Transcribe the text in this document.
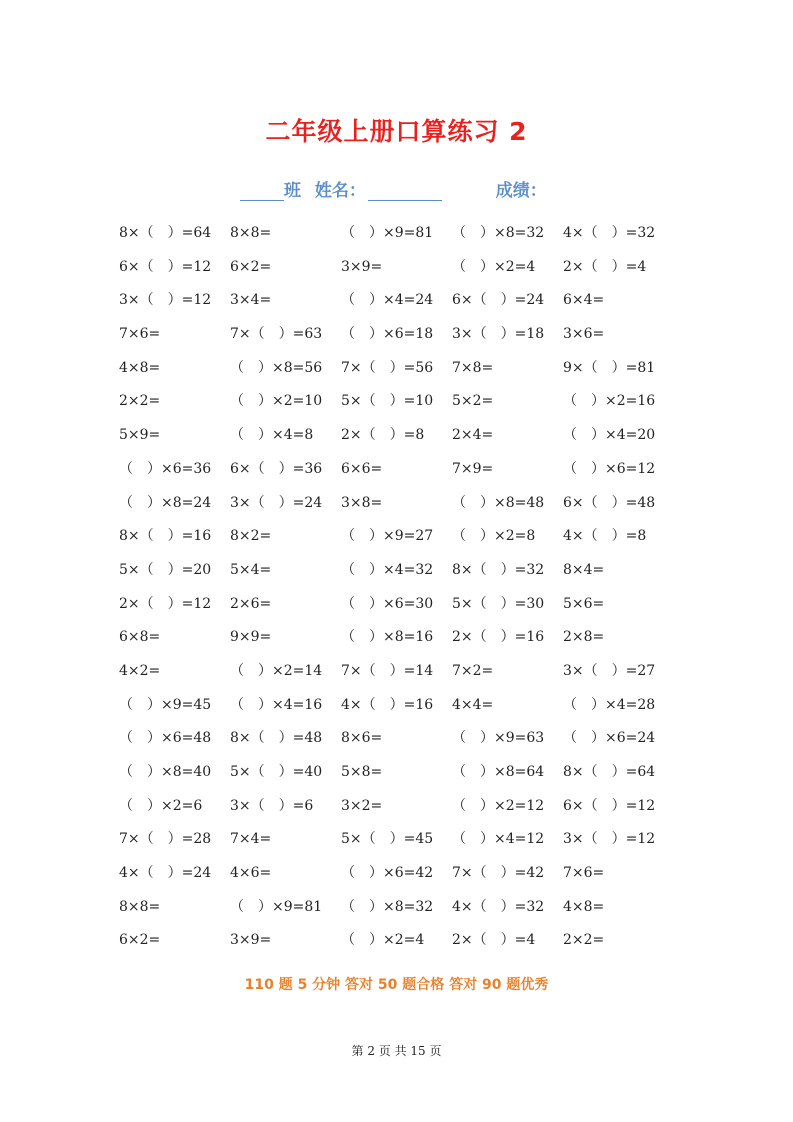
二年级上册口算练习 2
班 姓名：	成绩：
8×（　）=64	8×8=	（　）×9=81	（　）×8=32	4×（　）=32
6×（　）=12	6×2=	3×9=	（　）×2=4	2×（　）=4
3×（　）=12	3×4=	（　）×4=24	6×（　）=24	6×4=
7×6=	7×（　）=63	（　）×6=18	3×（　）=18	3×6=
4×8=	（　）×8=56	7×（　）=56	7×8=	9×（　）=81
2×2=	（　）×2=10	5×（　）=10	5×2=	（　）×2=16
5×9=	（　）×4=8	2×（　）=8	2×4=	（　）×4=20
（　）×6=36	6×（　）=36	6×6=	7×9=	（　）×6=12
（　）×8=24	3×（　）=24	3×8=	（　）×8=48	6×（　）=48
8×（　）=16	8×2=	（　）×9=27	（　）×2=8	4×（　）=8
5×（　）=20	5×4=	（　）×4=32	8×（　）=32	8×4=
2×（　）=12	2×6=	（　）×6=30	5×（　）=30	5×6=
6×8=	9×9=	（　）×8=16	2×（　）=16	2×8=
4×2=	（　）×2=14	7×（　）=14	7×2=	3×（　）=27
（　）×9=45	（　）×4=16	4×（　）=16	4×4=	（　）×4=28
（　）×6=48	8×（　）=48	8×6=	（　）×9=63	（　）×6=24
（　）×8=40	5×（　）=40	5×8=	（　）×8=64	8×（　）=64
（　）×2=6	3×（　）=6	3×2=	（　）×2=12	6×（　）=12
7×（　）=28	7×4=	5×（　）=45	（　）×4=12	3×（　）=12
4×（　）=24	4×6=	（　）×6=42	7×（　）=42	7×6=
8×8=	（　）×9=81	（　）×8=32	4×（　）=32	4×8=
6×2=	3×9=	（　）×2=4	2×（　）=4	2×2=
110 题 5 分钟 答对 50 题合格 答对 90 题优秀
第 2 页 共 15 页
